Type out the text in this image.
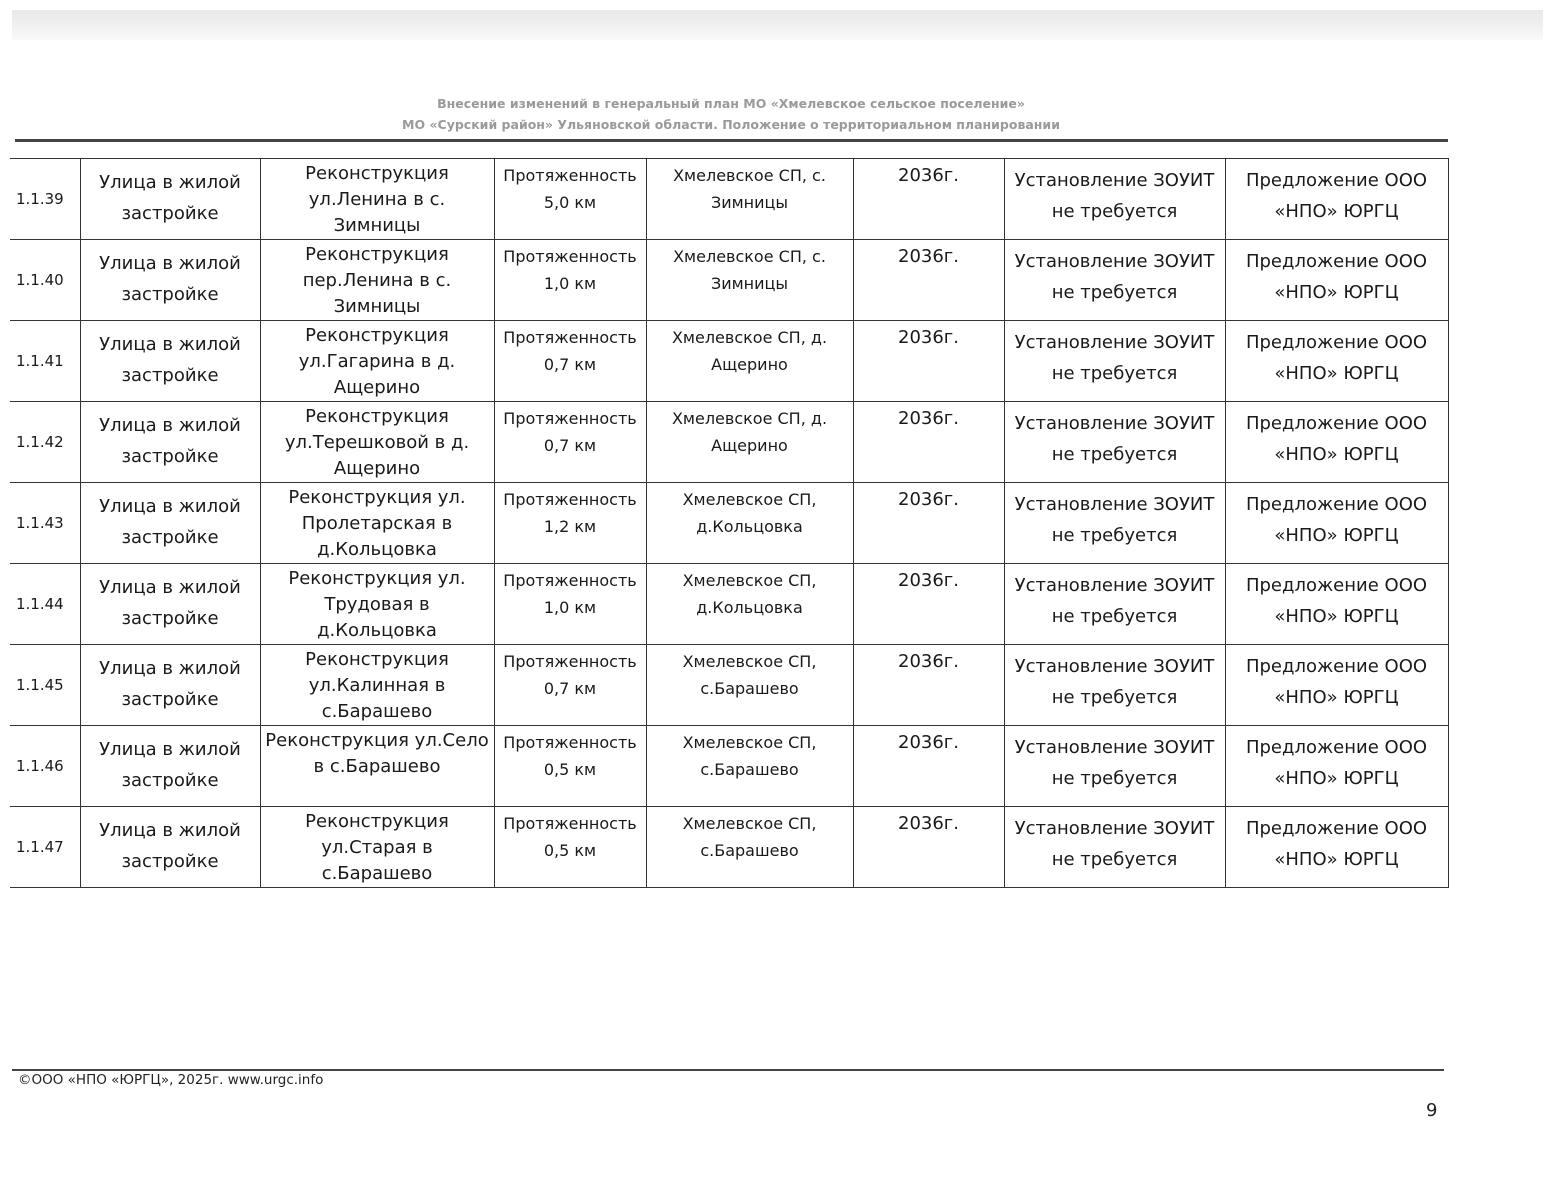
Внесение изменений в генеральный план МО «Хмелевское сельское поселение»
МО «Сурский район» Ульяновской области. Положение о территориальном планировании
1.1.39	Улица в жилой застройке	Реконструкция ул.Ленина в с. Зимницы	Протяженность 5,0 км	Хмелевское СП, с. Зимницы	2036г.	Установление ЗОУИТ не требуется	Предложение ООО «НПО» ЮРГЦ
1.1.40	Улица в жилой застройке	Реконструкция пер.Ленина в с. Зимницы	Протяженность 1,0 км	Хмелевское СП, с. Зимницы	2036г.	Установление ЗОУИТ не требуется	Предложение ООО «НПО» ЮРГЦ
1.1.41	Улица в жилой застройке	Реконструкция ул.Гагарина в д. Ащерино	Протяженность 0,7 км	Хмелевское СП, д. Ащерино	2036г.	Установление ЗОУИТ не требуется	Предложение ООО «НПО» ЮРГЦ
1.1.42	Улица в жилой застройке	Реконструкция ул.Терешковой в д. Ащерино	Протяженность 0,7 км	Хмелевское СП, д. Ащерино	2036г.	Установление ЗОУИТ не требуется	Предложение ООО «НПО» ЮРГЦ
1.1.43	Улица в жилой застройке	Реконструкция ул. Пролетарская в д.Кольцовка	Протяженность 1,2 км	Хмелевское СП, д.Кольцовка	2036г.	Установление ЗОУИТ не требуется	Предложение ООО «НПО» ЮРГЦ
1.1.44	Улица в жилой застройке	Реконструкция ул. Трудовая в д.Кольцовка	Протяженность 1,0 км	Хмелевское СП, д.Кольцовка	2036г.	Установление ЗОУИТ не требуется	Предложение ООО «НПО» ЮРГЦ
1.1.45	Улица в жилой застройке	Реконструкция ул.Калинная в с.Барашево	Протяженность 0,7 км	Хмелевское СП, с.Барашево	2036г.	Установление ЗОУИТ не требуется	Предложение ООО «НПО» ЮРГЦ
1.1.46	Улица в жилой застройке	Реконструкция ул.Село в с.Барашево	Протяженность 0,5 км	Хмелевское СП, с.Барашево	2036г.	Установление ЗОУИТ не требуется	Предложение ООО «НПО» ЮРГЦ
1.1.47	Улица в жилой застройке	Реконструкция ул.Старая в с.Барашево	Протяженность 0,5 км	Хмелевское СП, с.Барашево	2036г.	Установление ЗОУИТ не требуется	Предложение ООО «НПО» ЮРГЦ
©ООО «НПО «ЮРГЦ», 2025г. www.urgc.info
9
